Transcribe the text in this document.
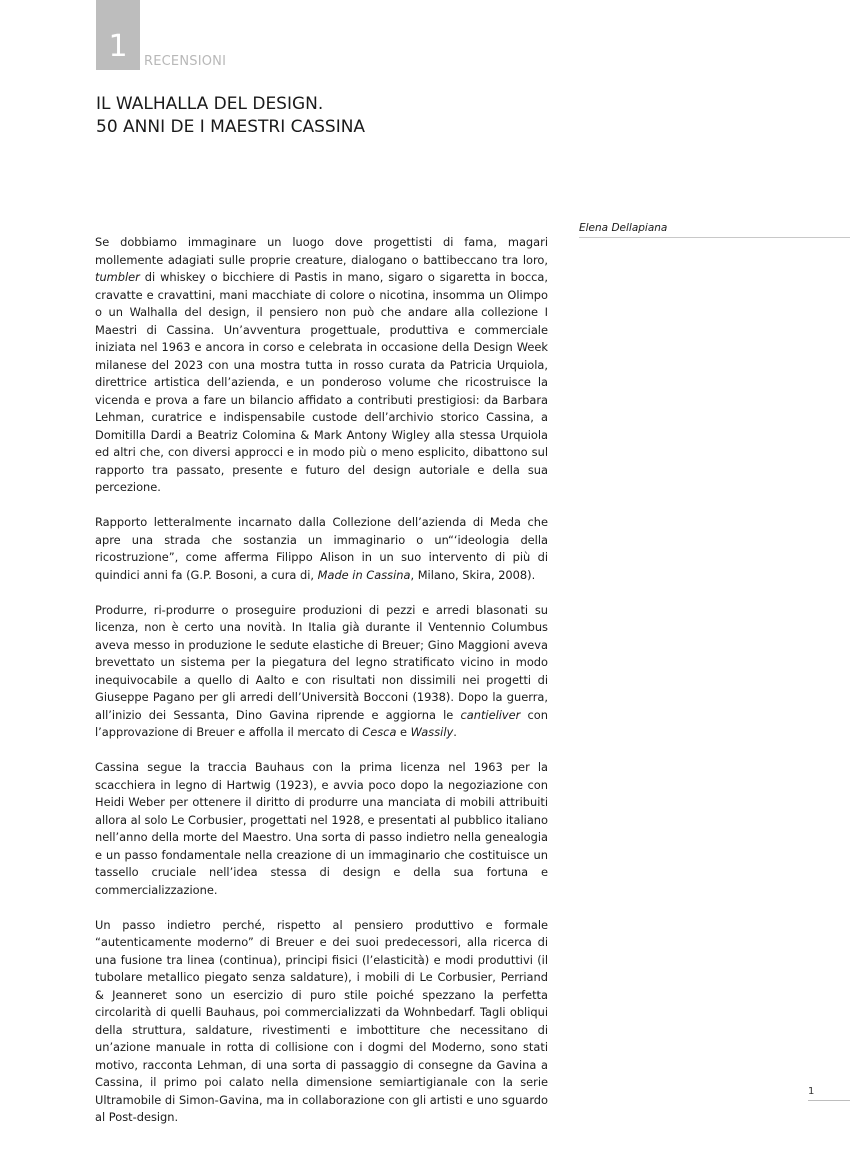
1	RECENSIONI
IL WALHALLA DEL DESIGN.
50 ANNI DE I MAESTRI CASSINA
Elena Dellapiana

Se dobbiamo immaginare un luogo dove progettisti di fama, magari mollemente adagiati sulle proprie creature, dialogano o battibeccano tra loro, tumbler di whiskey o bicchiere di Pastis in mano, sigaro o sigaretta in bocca, cravatte e cravattini, mani macchiate di colore o nicotina, insomma un Olimpo o un Walhalla del design, il pensiero non può che andare alla collezione I Maestri di Cassina. Un’avventura progettuale, produttiva e commerciale iniziata nel 1963 e ancora in corso e celebrata in occasione della Design Week milanese del 2023 con una mostra tutta in rosso curata da Patricia Urquiola, direttrice artistica dell’azienda, e un ponderoso volume che ricostruisce la vicenda e prova a fare un bilancio affidato a contributi prestigiosi: da Barbara Lehman, curatrice e indispensabile custode dell’archivio storico Cassina, a Domitilla Dardi a Beatriz Colomina & Mark Antony Wigley alla stessa Urquiola ed altri che, con diversi approcci e in modo più o meno esplicito, dibattono sul rapporto tra passato, presente e futuro del design autoriale e della sua percezione.

Rapporto letteralmente incarnato dalla Collezione dell’azienda di Meda che apre una strada che sostanzia un immaginario o un“‘ideologia della ricostruzione”, come afferma Filippo Alison in un suo intervento di più di quindici anni fa (G.P. Bosoni, a cura di, Made in Cassina, Milano, Skira, 2008).

Produrre, ri-produrre o proseguire produzioni di pezzi e arredi blasonati su licenza, non è certo una novità. In Italia già durante il Ventennio Columbus aveva messo in produzione le sedute elastiche di Breuer; Gino Maggioni aveva brevettato un sistema per la piegatura del legno stratificato vicino in modo inequivocabile a quello di Aalto e con risultati non dissimili nei progetti di Giuseppe Pagano per gli arredi dell’Università Bocconi (1938). Dopo la guerra, all’inizio dei Sessanta, Dino Gavina riprende e aggiorna le cantieliver con l’approvazione di Breuer e affolla il mercato di Cesca e Wassily.

Cassina segue la traccia Bauhaus con la prima licenza nel 1963 per la scacchiera in legno di Hartwig (1923), e avvia poco dopo la negoziazione con Heidi Weber per ottenere il diritto di produrre una manciata di mobili attribuiti allora al solo Le Corbusier, progettati nel 1928, e presentati al pubblico italiano nell’anno della morte del Maestro. Una sorta di passo indietro nella genealogia e un passo fondamentale nella creazione di un immaginario che costituisce un tassello cruciale nell’idea stessa di design e della sua fortuna e commercializzazione.

Un passo indietro perché, rispetto al pensiero produttivo e formale “autenticamente moderno” di Breuer e dei suoi predecessori, alla ricerca di una fusione tra linea (continua), principi fisici (l’elasticità) e modi produttivi (il tubolare metallico piegato senza saldature), i mobili di Le Corbusier, Perriand & Jeanneret sono un esercizio di puro stile poiché spezzano la perfetta circolarità di quelli Bauhaus, poi commercializzati da Wohnbedarf. Tagli obliqui della struttura, saldature, rivestimenti e imbottiture che necessitano di un’azione manuale in rotta di collisione con i dogmi del Moderno, sono stati motivo, racconta Lehman, di una sorta di passaggio di consegne da Gavina a Cassina, il primo poi calato nella dimensione semiartigianale con la serie Ultramobile di Simon-Gavina, ma in collaborazione con gli artisti e uno sguardo al Post-design.

1
